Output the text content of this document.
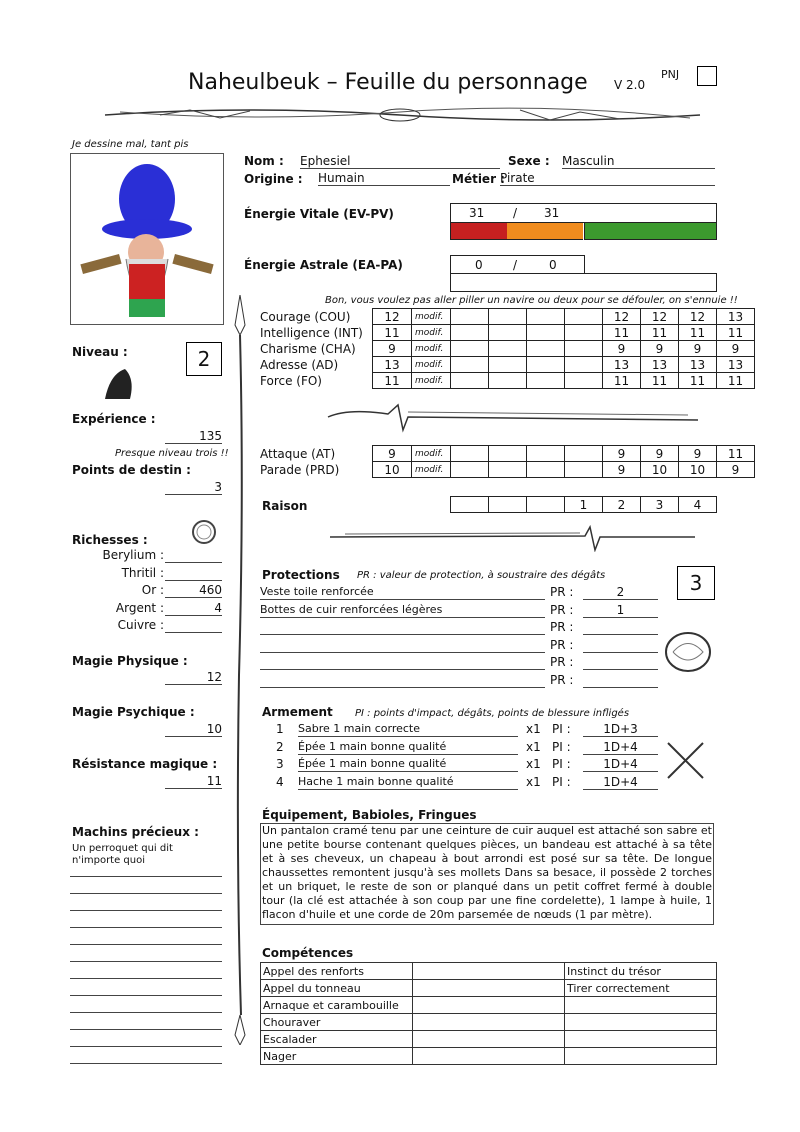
Naheulbeuk – Feuille du personnage V 2.0
PNJ
Je dessine mal, tant pis
Nom : Ephesiel	Sexe : Masculin
Origine : Humain	Métier :
Pirate
Énergie Vitale (EV-PV)	31 / 31
Énergie Astrale (EA-PA)	0	/	0
Bon, vous voulez pas aller piller un navire ou deux pour se défouler, on s'ennuie !!
Courage (COU)	12	modif.					12	12	12	13
Intelligence (INT)	11	modif.					11	11	11	11
Charisme (CHA)	9	modif.					9	9	9	9
Adresse (AD)	13	modif.					13	13	13	13
Force (FO)	11	modif.					11	11	11	11
Attaque (AT)	9	modif.					9	9	9	11
Parade (PRD)	10	modif.					9	10	10	9
Raison
				1	2	3	4
Niveau :	2
Expérience :
135
Presque niveau trois !!
Points de destin :
3
Richesses :
Berylium :
Thritil :
Or :	460
Argent :	4
Cuivre :
Magie Physique :
12
Magie Psychique :
10
Résistance magique :
11
Machins précieux :
Un perroquet qui dit n'importe quoi
Protections PR : valeur de protection, à soustraire des dégâts	3
Veste toile renforcée	PR :	2
Bottes de cuir renforcées légères	PR :	1
PR :
PR :
PR :
PR :
Armement PI : points d'impact, dégâts, points de blessure infligés
1 Sabre 1 main correcte	x1 PI :	1D+3
2 Épée 1 main bonne qualité	x1 PI :	1D+4
3 Épée 1 main bonne qualité	x1 PI :	1D+4
4 Hache 1 main bonne qualité	x1 PI :	1D+4
Équipement, Babioles, Fringues
Un pantalon cramé tenu par une ceinture de cuir auquel est attaché son sabre et une petite bourse contenant quelques pièces, un bandeau est attaché à sa tête et à ses cheveux, un chapeau à bout arrondi est posé sur sa tête. De longue chaussettes remontent jusqu'à ses mollets Dans sa besace, il possède 2 torches et un briquet, le reste de son or planqué dans un petit coffret fermé à double tour (la clé est attachée à son coup par une fine cordelette), 1 lampe à huile, 1 flacon d'huile et une corde de 20m parsemée de nœuds (1 par mètre).
Compétences
Appel des renforts		Instinct du trésor
Appel du tonneau		Tirer correctement
Arnaque et carambouille		
Chouraver		
Escalader		
Nager		
